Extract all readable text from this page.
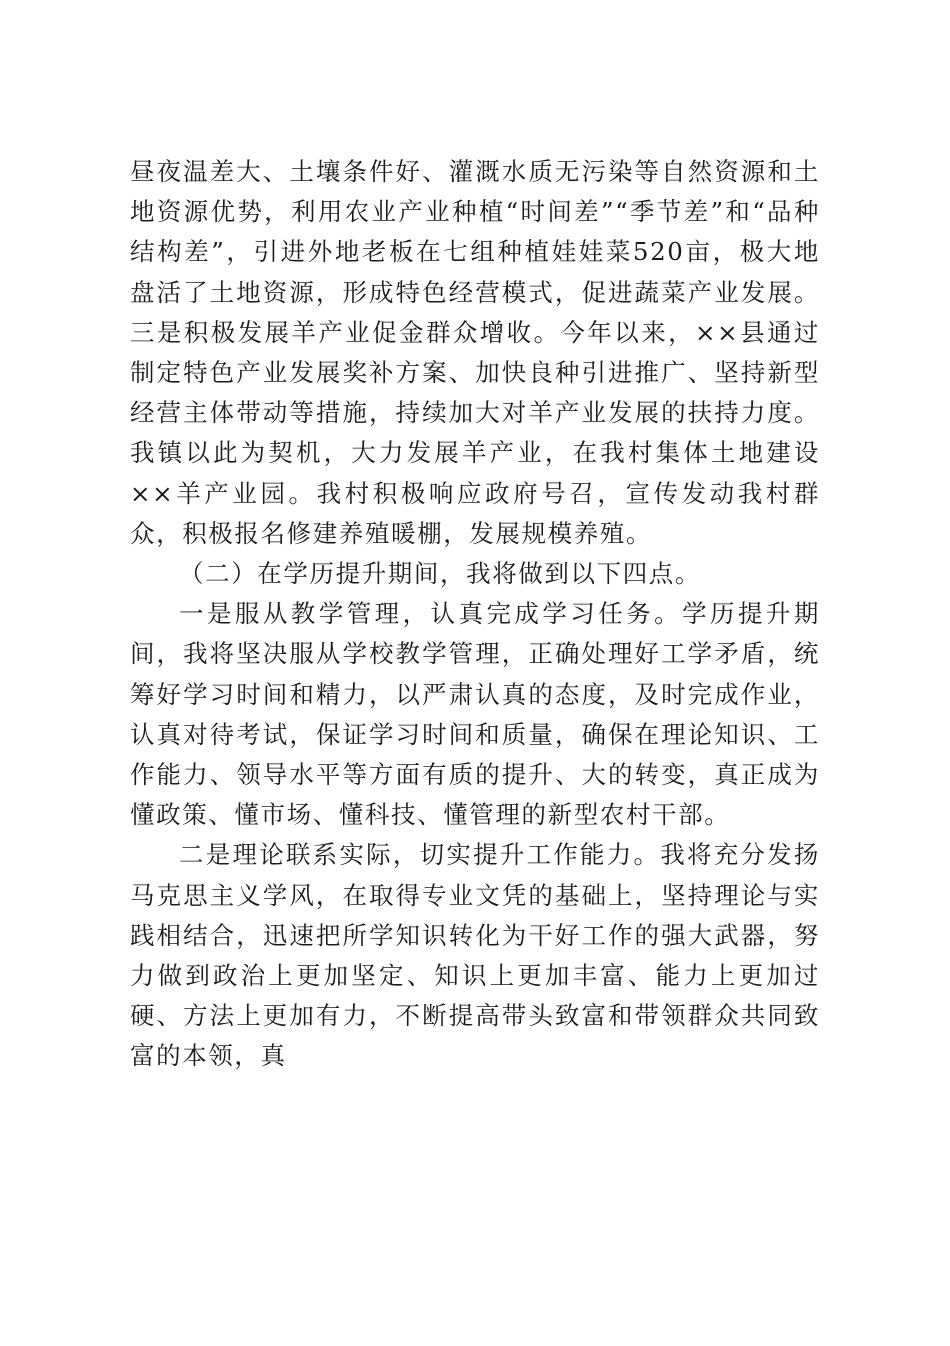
昼夜温差大、土壤条件好、灌溉水质无污染等自然资源和土地资源优势，利用农业产业种植“时间差”“季节差”和“品种结构差”，引进外地老板在七组种植娃娃菜520亩，极大地盘活了土地资源，形成特色经营模式，促进蔬菜产业发展。三是积极发展羊产业促金群众增收。今年以来，××县通过制定特色产业发展奖补方案、加快良种引进推广、坚持新型经营主体带动等措施，持续加大对羊产业发展的扶持力度。我镇以此为契机，大力发展羊产业，在我村集体土地建设××羊产业园。我村积极响应政府号召，宣传发动我村群众，积极报名修建养殖暖棚，发展规模养殖。

（二）在学历提升期间，我将做到以下四点。

一是服从教学管理，认真完成学习任务。学历提升期间，我将坚决服从学校教学管理，正确处理好工学矛盾，统筹好学习时间和精力，以严肃认真的态度，及时完成作业，认真对待考试，保证学习时间和质量，确保在理论知识、工作能力、领导水平等方面有质的提升、大的转变，真正成为懂政策、懂市场、懂科技、懂管理的新型农村干部。

二是理论联系实际，切实提升工作能力。我将充分发扬马克思主义学风，在取得专业文凭的基础上，坚持理论与实践相结合，迅速把所学知识转化为干好工作的强大武器，努力做到政治上更加坚定、知识上更加丰富、能力上更加过硬、方法上更加有力，不断提高带头致富和带领群众共同致富的本领，真
